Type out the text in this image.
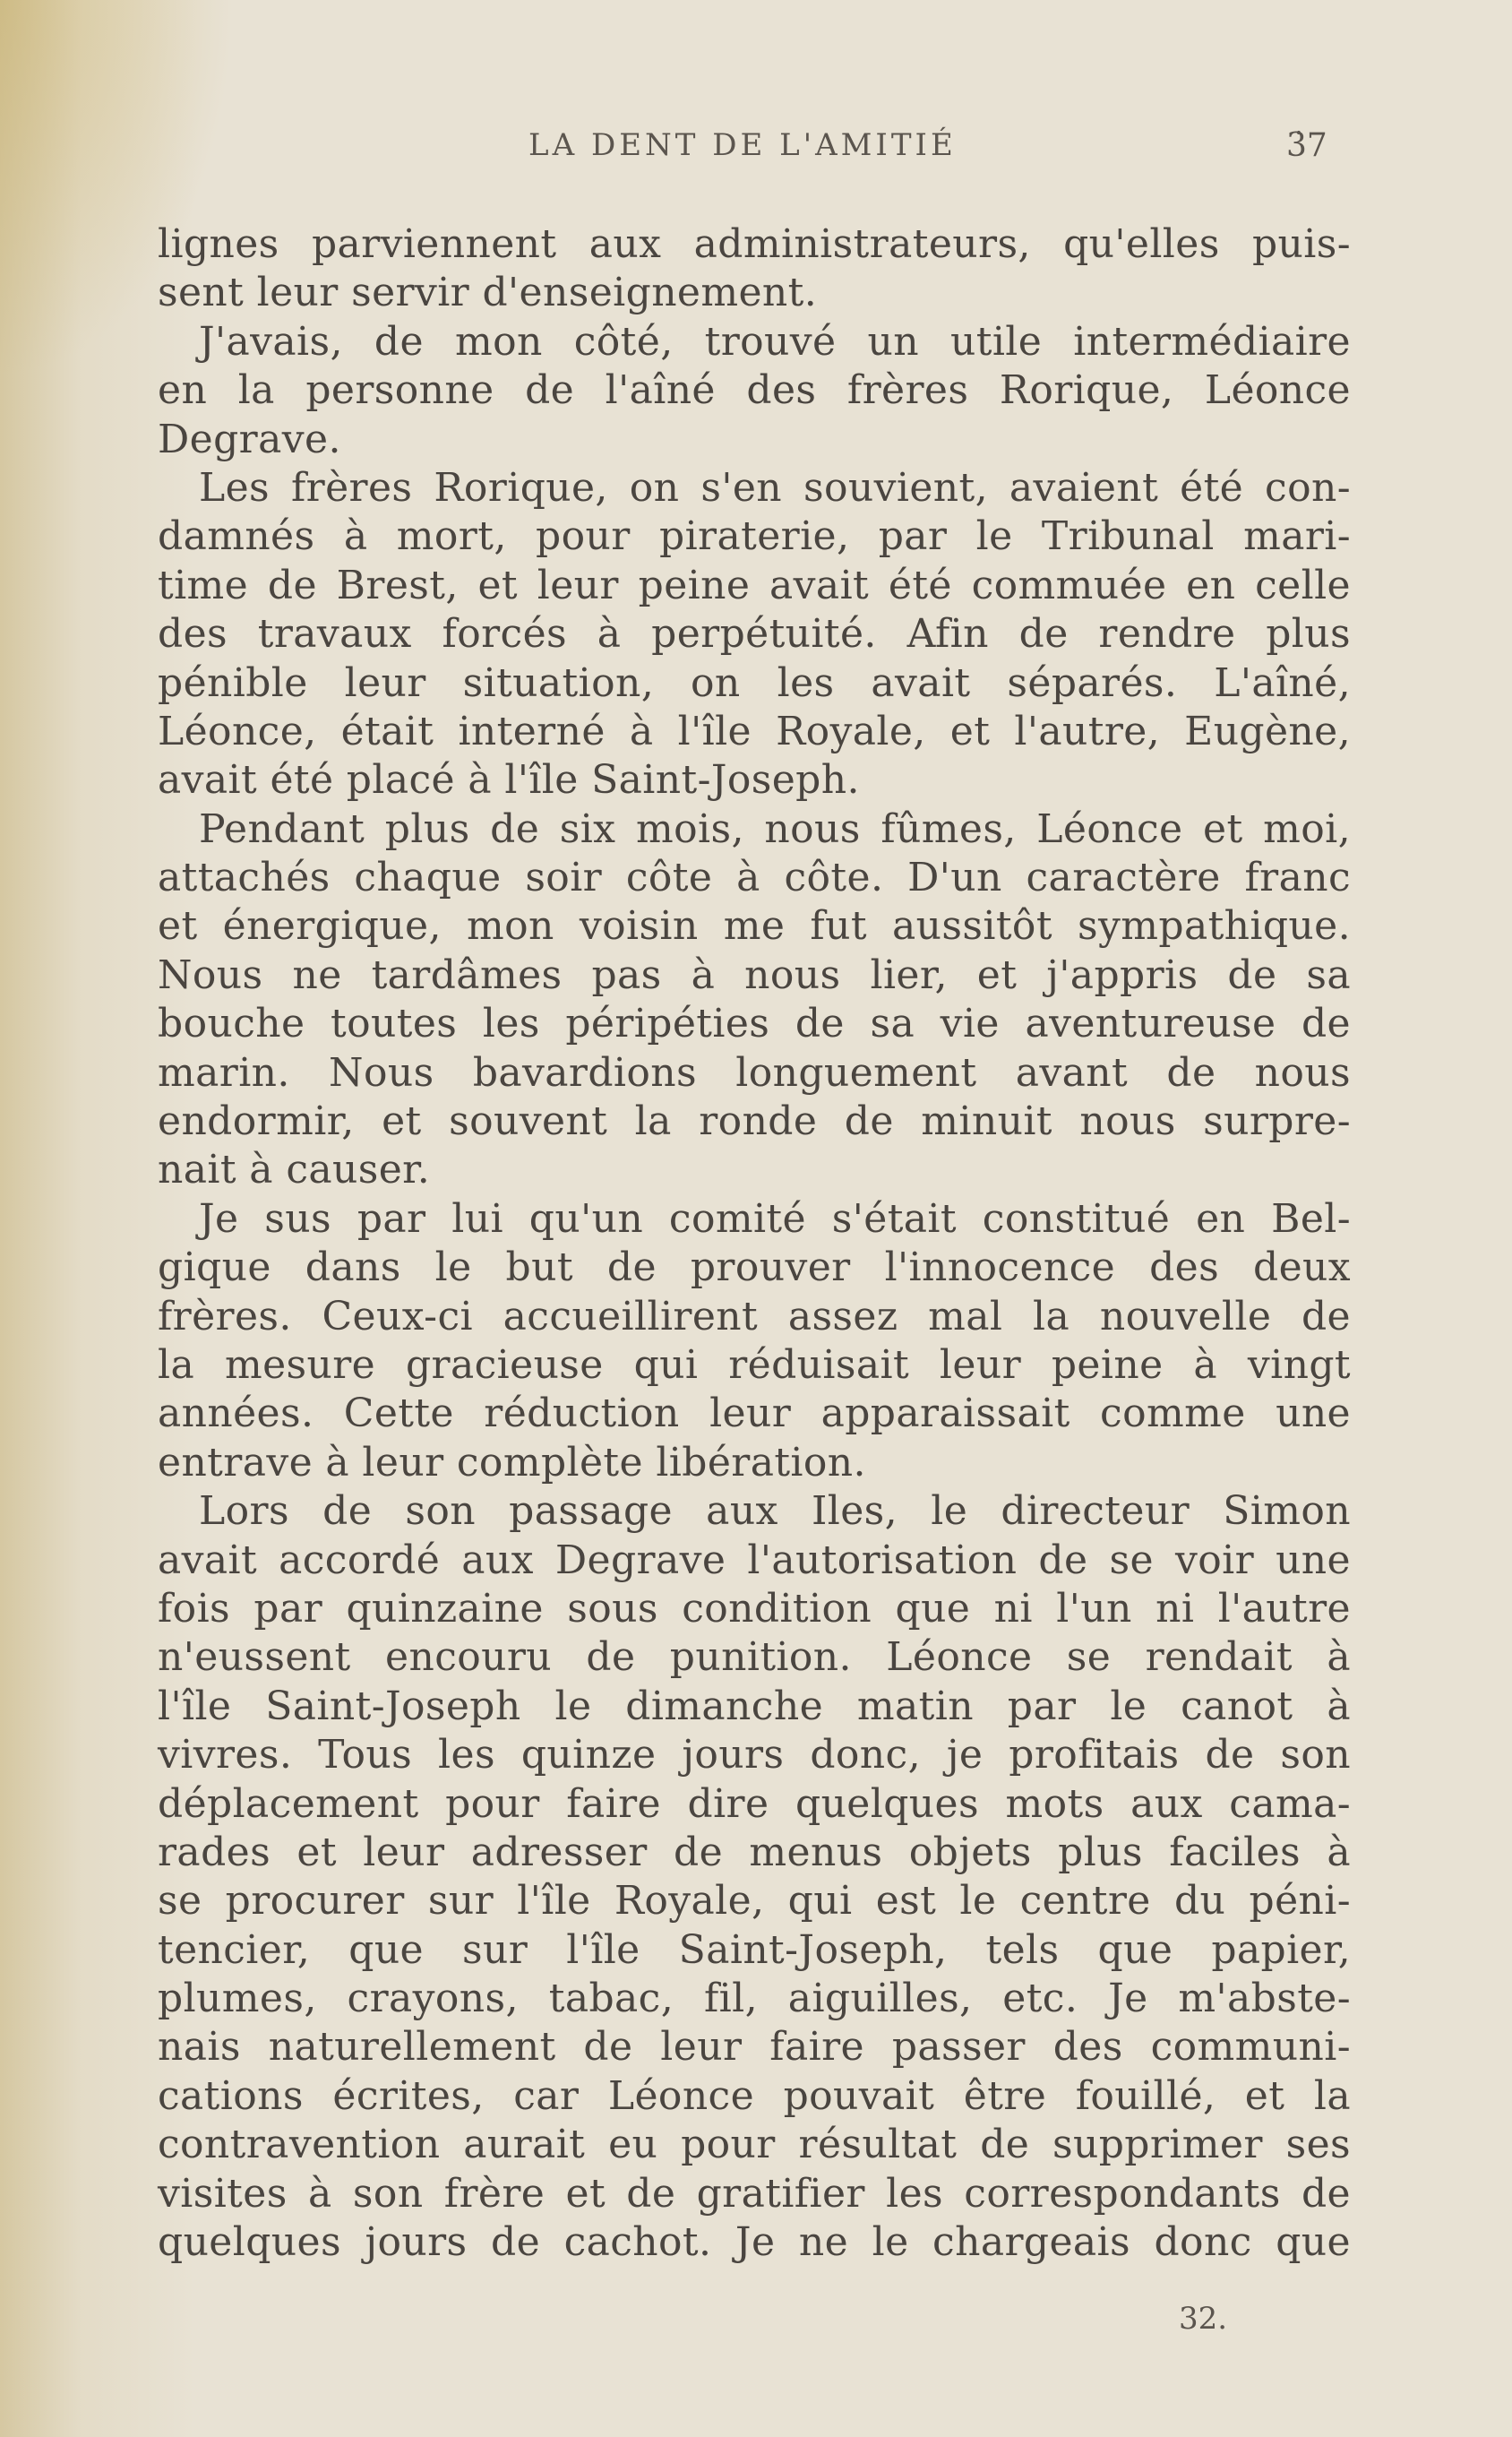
LA DENT DE L'AMITIÉ	3̇7
lignes parviennent aux administrateurs, qu'elles puis-
sent leur servir d'enseignement.
J'avais, de mon côté, trouvé un utile intermédiaire
en la personne de l'aîné des frères Rorique, Léonce
Degrave.
Les frères Rorique, on s'en souvient, avaient été con-
damnés à mort, pour piraterie, par le Tribunal mari-
time de Brest, et leur peine avait été commuée en celle
des travaux forcés à perpétuité. Afin de rendre plus
pénible leur situation, on les avait séparés. L'aîné,
Léonce, était interné à l'île Royale, et l'autre, Eugène,
avait été placé à l'île Saint-Joseph.
Pendant plus de six mois, nous fûmes, Léonce et moi,
attachés chaque soir côte à côte. D'un caractère franc
et énergique, mon voisin me fut aussitôt sympathique.
Nous ne tardâmes pas à nous lier, et j'appris de sa
bouche toutes les péripéties de sa vie aventureuse de
marin. Nous bavardions longuement avant de nous
endormir, et souvent la ronde de minuit nous surpre-
nait à causer.
Je sus par lui qu'un comité s'était constitué en Bel-
gique dans le but de prouver l'innocence des deux
frères. Ceux-ci accueillirent assez mal la nouvelle de
la mesure gracieuse qui réduisait leur peine à vingt
années. Cette réduction leur apparaissait comme une
entrave à leur complète libération.
Lors de son passage aux Iles, le directeur Simon
avait accordé aux Degrave l'autorisation de se voir une
fois par quinzaine sous condition que ni l'un ni l'autre
n'eussent encouru de punition. Léonce se rendait à
l'île Saint-Joseph le dimanche matin par le canot à
vivres. Tous les quinze jours donc, je profitais de son
déplacement pour faire dire quelques mots aux cama-
rades et leur adresser de menus objets plus faciles à
se procurer sur l'île Royale, qui est le centre du péni-
tencier, que sur l'île Saint-Joseph, tels que papier,
plumes, crayons, tabac, fil, aiguilles, etc. Je m'abste-
nais naturellement de leur faire passer des communi-
cations écrites, car Léonce pouvait être fouillé, et la
contravention aurait eu pour résultat de supprimer ses
visites à son frère et de gratifier les correspondants de
quelques jours de cachot. Je ne le chargeais donc que
32.
